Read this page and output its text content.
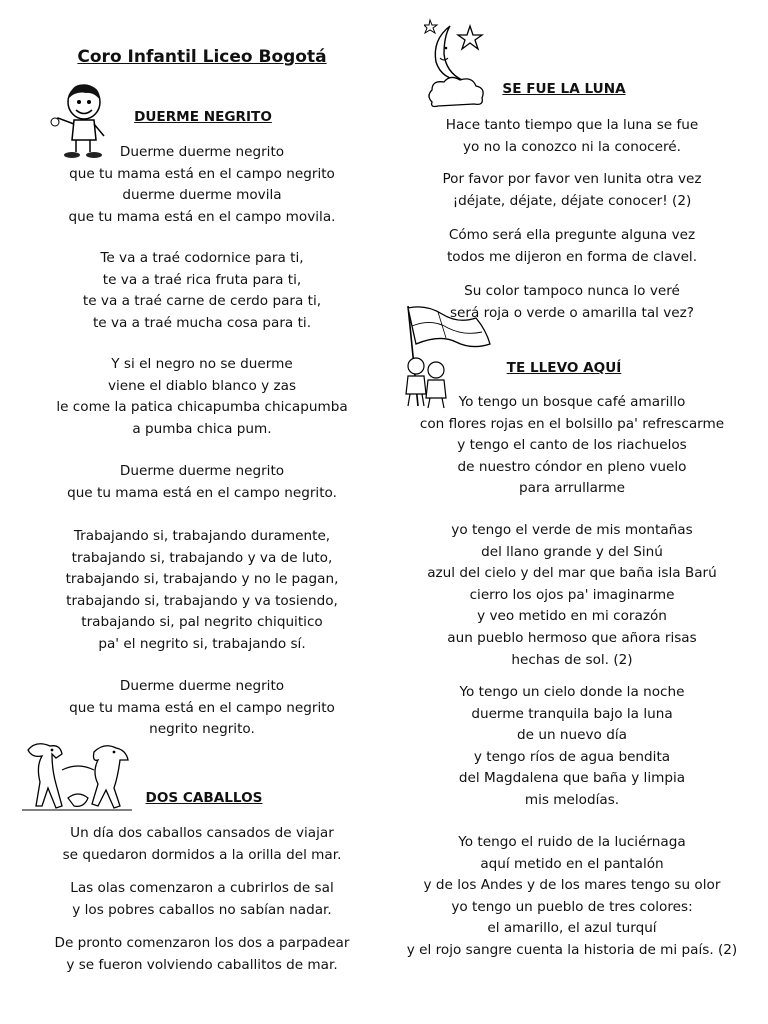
Coro Infantil Liceo Bogotá
DUERME NEGRITO
Duerme duerme negrito
que tu mama está en el campo negrito
duerme duerme movila
que tu mama está en el campo movila.
Te va a traé codornice para ti,
te va a traé rica fruta para ti,
te va a traé carne de cerdo para ti,
te va a traé mucha cosa para ti.
Y si el negro no se duerme
viene el diablo blanco y zas
le come la patica chicapumba chicapumba
a pumba chica pum.
Duerme duerme negrito
que tu mama está en el campo negrito.
Trabajando si, trabajando duramente,
trabajando si, trabajando y va de luto,
trabajando si, trabajando y no le pagan,
trabajando si, trabajando y va tosiendo,
trabajando si, pal negrito chiquitico
pa' el negrito si, trabajando sí.
Duerme duerme negrito
que tu mama está en el campo negrito
negrito negrito.
DOS CABALLOS
Un día dos caballos cansados de viajar
se quedaron dormidos a la orilla del mar.
Las olas comenzaron a cubrirlos de sal
y los pobres caballos no sabían nadar.
De pronto comenzaron los dos a parpadear
y se fueron volviendo caballitos de mar.
SE FUE LA LUNA
Hace tanto tiempo que la luna se fue
yo no la conozco ni la conoceré.
Por favor por favor ven lunita otra vez
¡déjate, déjate, déjate conocer! (2)
Cómo será ella pregunte alguna vez
todos me dijeron en forma de clavel.
Su color tampoco nunca lo veré
será roja o verde o amarilla tal vez?
TE LLEVO AQUÍ
Yo tengo un bosque café amarillo
con flores rojas en el bolsillo pa' refrescarme
y tengo el canto de los riachuelos
de nuestro cóndor en pleno vuelo
para arrullarme
yo tengo el verde de mis montañas
del llano grande y del Sinú
azul del cielo y del mar que baña isla Barú
cierro los ojos pa' imaginarme
y veo metido en mi corazón
aun pueblo hermoso que añora risas
hechas de sol. (2)
Yo tengo un cielo donde la noche
duerme tranquila bajo la luna
de un nuevo día
y tengo ríos de agua bendita
del Magdalena que baña y limpia
mis melodías.
Yo tengo el ruido de la luciérnaga
aquí metido en el pantalón
y de los Andes y de los mares tengo su olor
yo tengo un pueblo de tres colores:
el amarillo, el azul turquí
y el rojo sangre cuenta la historia de mi país. (2)
